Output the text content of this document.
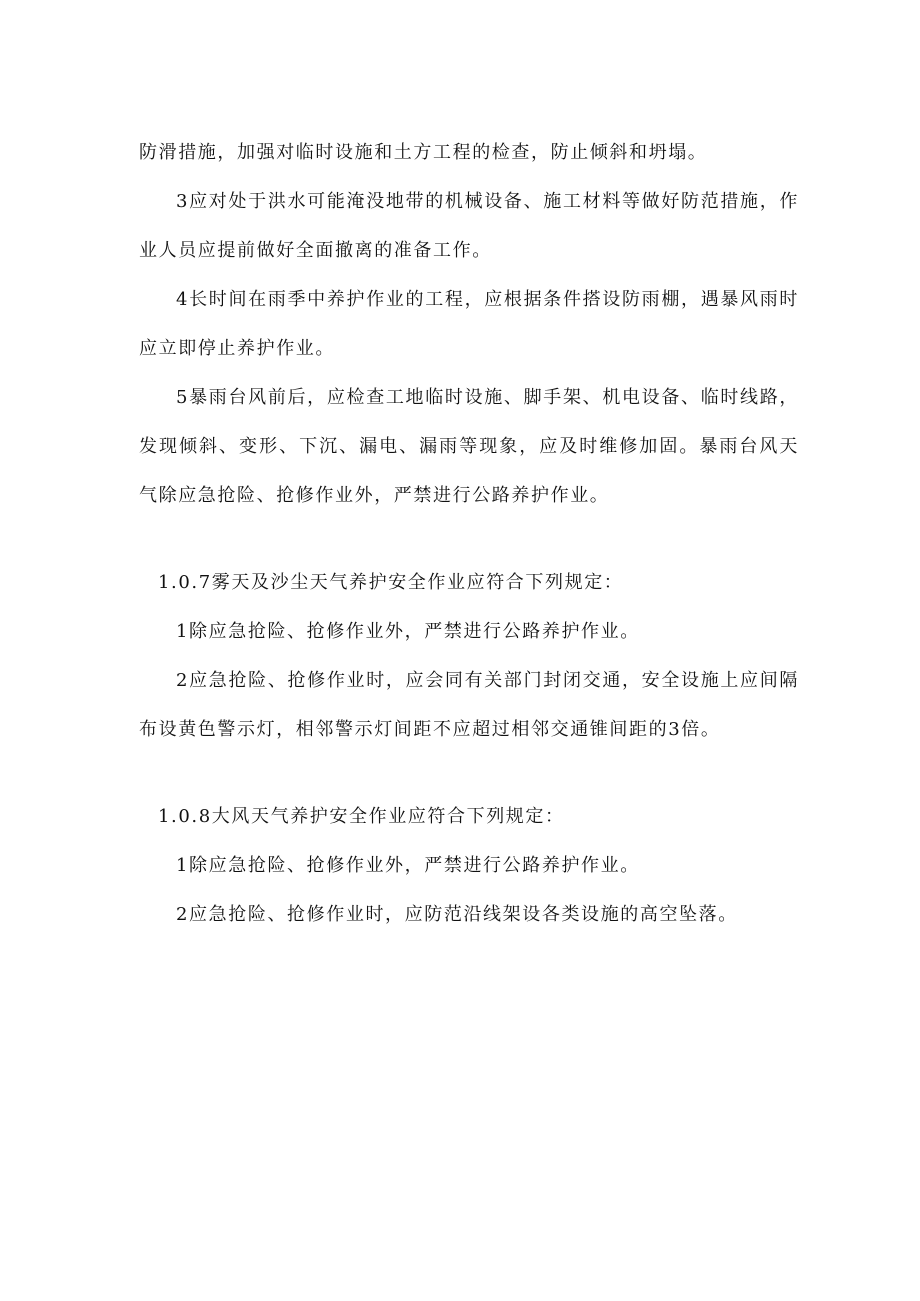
防滑措施，加强对临时设施和土方工程的检查，防止倾斜和坍塌。

3应对处于洪水可能淹没地带的机械设备、施工材料等做好防范措施，作业人员应提前做好全面撤离的准备工作。

4长时间在雨季中养护作业的工程，应根据条件搭设防雨棚，遇暴风雨时应立即停止养护作业。

5暴雨台风前后，应检查工地临时设施、脚手架、机电设备、临时线路，发现倾斜、变形、下沉、漏电、漏雨等现象，应及时维修加固。暴雨台风天气除应急抢险、抢修作业外，严禁进行公路养护作业。

1.0.7雾天及沙尘天气养护安全作业应符合下列规定：

1除应急抢险、抢修作业外，严禁进行公路养护作业。

2应急抢险、抢修作业时，应会同有关部门封闭交通，安全设施上应间隔布设黄色警示灯，相邻警示灯间距不应超过相邻交通锥间距的3倍。

1.0.8大风天气养护安全作业应符合下列规定：

1除应急抢险、抢修作业外，严禁进行公路养护作业。

2应急抢险、抢修作业时，应防范沿线架设各类设施的高空坠落。
